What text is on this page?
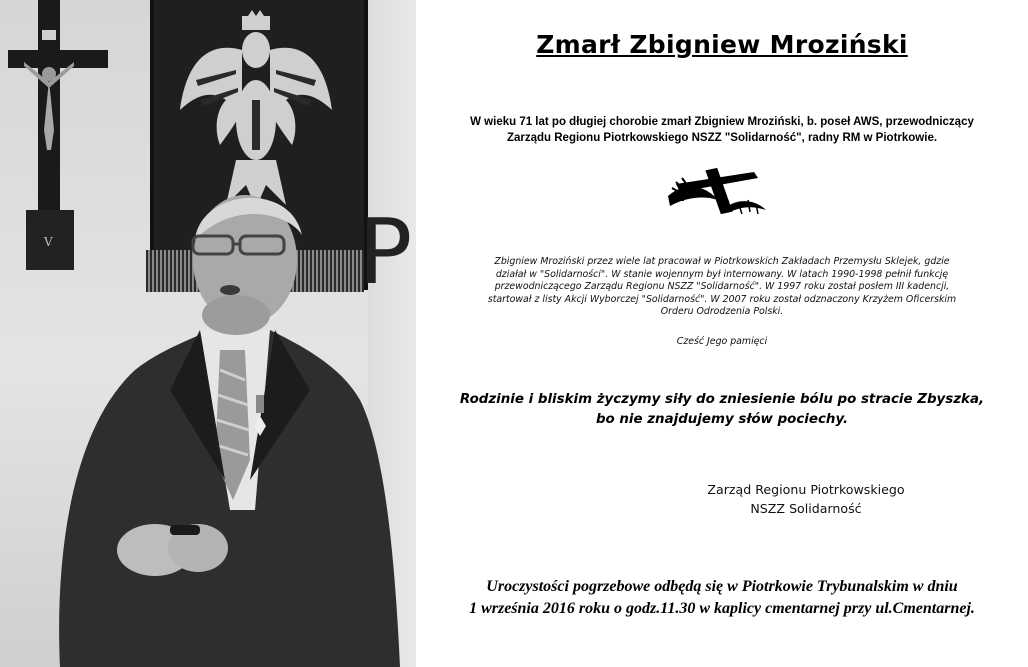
V	P
Zmarł Zbigniew Mroziński
W wieku 71 lat po długiej chorobie zmarł Zbigniew Mroziński, b. poseł AWS, przewodniczący
Zarządu Regionu Piotrkowskiego NSZZ "Solidarność", radny RM w Piotrkowie.
Zbigniew Mroziński przez wiele lat pracował w Piotrkowskich Zakładach Przemysłu Sklejek, gdzie
działał w "Solidarności". W stanie wojennym był internowany. W latach 1990-1998 pełnił funkcję
przewodniczącego Zarządu Regionu NSZZ "Solidarność". W 1997 roku został posłem III kadencji,
startował z listy Akcji Wyborczej "Solidarność". W 2007 roku został odznaczony Krzyżem Oficerskim
Orderu Odrodzenia Polski.
Cześć Jego pamięci
Rodzinie i bliskim życzymy siły do zniesienie bólu po stracie Zbyszka,
bo nie znajdujemy słów pociechy.
Zarząd Regionu Piotrkowskiego
NSZZ Solidarność
Uroczystości pogrzebowe odbędą się w Piotrkowie Trybunalskim w dniu
1 września 2016 roku o godz.11.30 w kaplicy cmentarnej przy ul.Cmentarnej.
